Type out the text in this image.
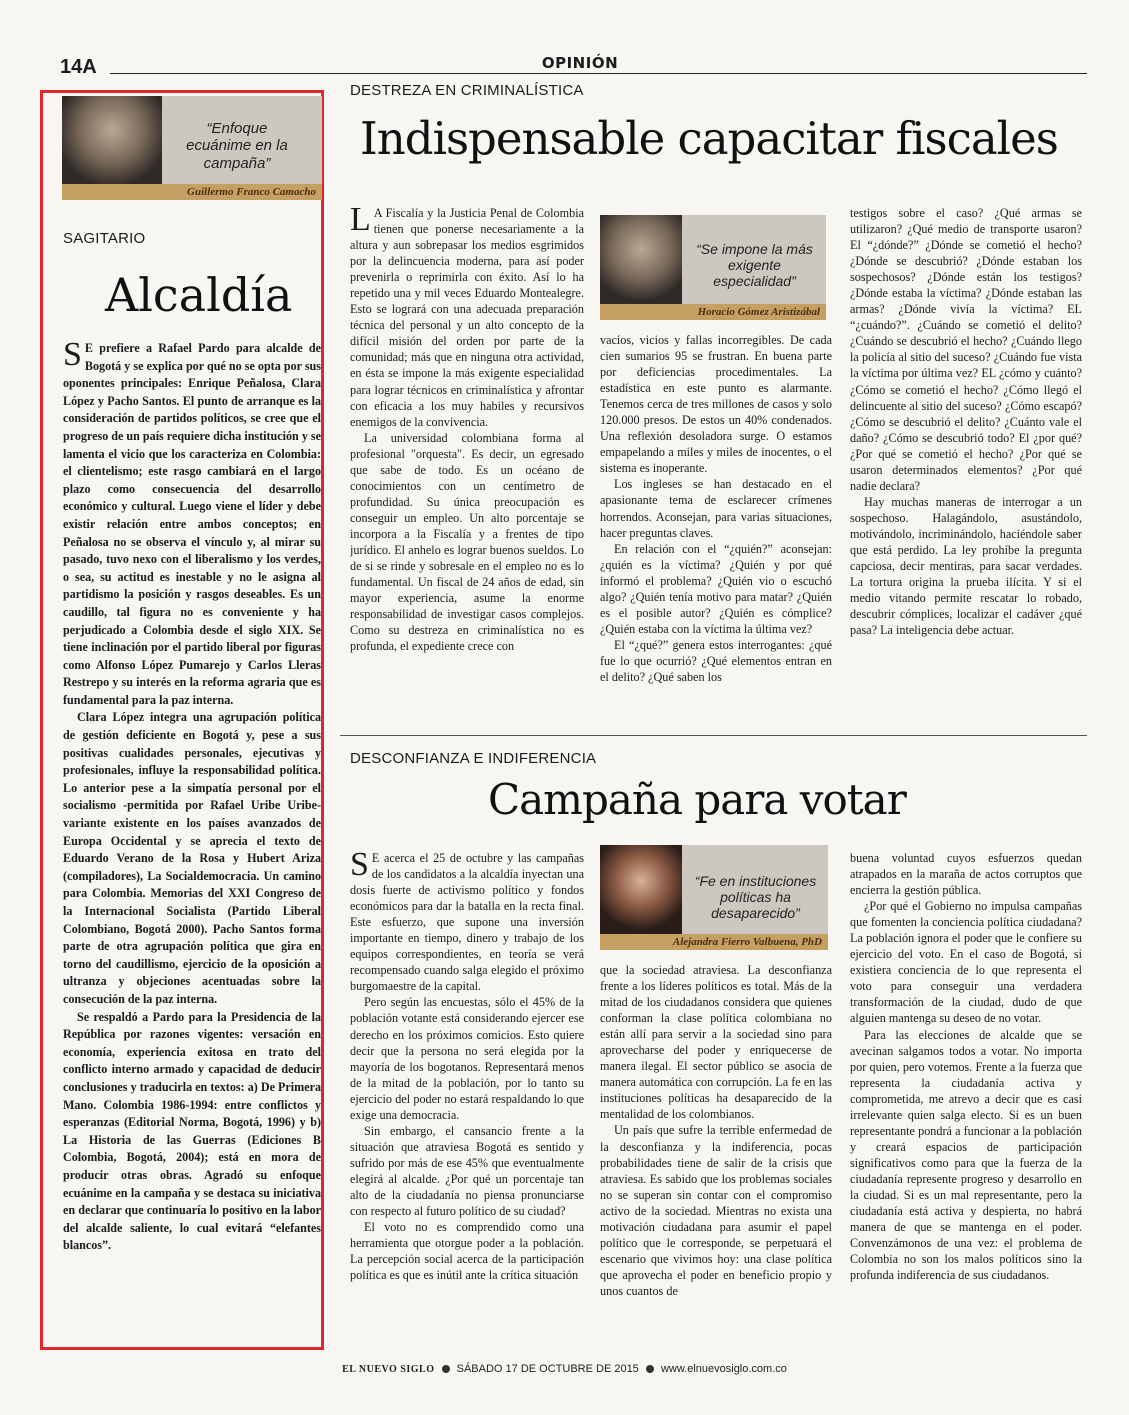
14A	OPINIÓN
“Enfoque ecuánime en la campaña”
Guillermo Franco Camacho
SAGITARIO
Alcaldía

S E prefiere a Rafael Pardo para alcalde de Bogotá y se explica por qué no se opta por sus oponentes principales: Enrique Peñalosa, Clara López y Pacho Santos. El punto de arranque es la consideración de partidos políticos, se cree que el progreso de un país requiere dicha institución y se lamenta el vicio que los caracteriza en Colombia: el clientelismo; este rasgo cambiará en el largo plazo como consecuencia del desarrollo económico y cultural. Luego viene el líder y debe existir relación entre ambos conceptos; en Peñalosa no se observa el vínculo y, al mirar su pasado, tuvo nexo con el liberalismo y los verdes, o sea, su actitud es inestable y no le asigna al partidismo la posición y rasgos deseables. Es un caudillo, tal figura no es conveniente y ha perjudicado a Colombia desde el siglo XIX. Se tiene inclinación por el partido liberal por figuras como Alfonso López Pumarejo y Carlos Lleras Restrepo y su interés en la reforma agraria que es fundamental para la paz interna.

Clara López integra una agrupación política de gestión deficiente en Bogotá y, pese a sus positivas cualidades personales, ejecutivas y profesionales, influye la responsabilidad política. Lo anterior pese a la simpatía personal por el socialismo -permitida por Rafael Uribe Uribe- variante existente en los países avanzados de Europa Occidental y se aprecia el texto de Eduardo Verano de la Rosa y Hubert Ariza (compiladores), La Socialdemocracia. Un camino para Colombia. Memorias del XXI Congreso de la Internacional Socialista (Partido Liberal Colombiano, Bogotá 2000). Pacho Santos forma parte de otra agrupación política que gira en torno del caudillismo, ejercicio de la oposición a ultranza y objeciones acentuadas sobre la consecución de la paz interna.

Se respaldó a Pardo para la Presidencia de la República por razones vigentes: versación en economía, experiencia exitosa en trato del conflicto interno armado y capacidad de deducir conclusiones y traducirla en textos: a) De Primera Mano. Colombia 1986-1994: entre conflictos y esperanzas (Editorial Norma, Bogotá, 1996) y b) La Historia de las Guerras (Ediciones B Colombia, Bogotá, 2004); está en mora de producir otras obras. Agradó su enfoque ecuánime en la campaña y se destaca su iniciativa en declarar que continuaría lo positivo en la labor del alcalde saliente, lo cual evitará “elefantes blancos”.

DESTREZA EN CRIMINALÍSTICA
Indispensable capacitar fiscales

L A Fiscalía y la Justicia Penal de Colombia tienen que ponerse necesariamente a la altura y aun sobrepasar los medios esgrimidos por la delincuencia moderna, para así poder prevenirla o reprimirla con éxito. Así lo ha repetido una y mil veces Eduardo Montealegre. Esto se logrará con una adecuada preparación técnica del personal y un alto concepto de la difícil misión del orden por parte de la comunidad; más que en ninguna otra actividad, en ésta se impone la más exigente especialidad para lograr técnicos en criminalística y afrontar con eficacia a los muy habiles y recursivos enemigos de la convivencia.

La universidad colombiana forma al profesional "orquesta". Es decir, un egresado que sabe de todo. Es un océano de conocimientos con un centímetro de profundidad. Su única preocupación es conseguir un empleo. Un alto porcentaje se incorpora a la Fiscalía y a frentes de tipo jurídico. El anhelo es lograr buenos sueldos. Lo de si se rinde y sobresale en el empleo no es lo fundamental. Un fiscal de 24 años de edad, sin mayor experiencia, asume la enorme responsabilidad de investigar casos complejos. Como su destreza en criminalística no es profunda, el expediente crece con

“Se impone la más exigente especialidad”
Horacio Gómez Aristizábal

vacíos, vicios y fallas incorregibles. De cada cien sumarios 95 se frustran. En buena parte por deficiencias procedimentales. La estadística en este punto es alarmante. Tenemos cerca de tres millones de casos y solo 120.000 presos. De estos un 40% condenados. Una reflexión desoladora surge. O estamos empapelando a miles y miles de inocentes, o el sistema es inoperante.

Los ingleses se han destacado en el apasionante tema de esclarecer crímenes horrendos. Aconsejan, para varias situaciones, hacer preguntas claves.

En relación con el “¿quién?” aconsejan: ¿quién es la víctima? ¿Quién y por qué informó el problema? ¿Quién vio o escuchó algo? ¿Quién tenía motivo para matar? ¿Quién es el posible autor? ¿Quién es cómplice? ¿Quién estaba con la víctima la última vez?

El “¿qué?” genera estos interrogantes: ¿qué fue lo que ocurrió? ¿Qué elementos entran en el delito? ¿Qué saben los

testigos sobre el caso? ¿Qué armas se utilizaron? ¿Qué medio de transporte usaron? El “¿dónde?” ¿Dónde se cometió el hecho? ¿Dónde se descubrió? ¿Dónde estaban los sospechosos? ¿Dónde están los testigos? ¿Dónde estaba la víctima? ¿Dónde estaban las armas? ¿Dónde vivía la víctima? EL “¿cuándo?”. ¿Cuándo se cometió el delito? ¿Cuándo se descubrió el hecho? ¿Cuándo llego la policía al sitio del suceso? ¿Cuándo fue vista la víctima por última vez? EL ¿cómo y cuánto? ¿Cómo se cometió el hecho? ¿Cómo llegó el delincuente al sitio del suceso? ¿Cómo escapó? ¿Cómo se descubrió el delito? ¿Cuánto vale el daño? ¿Cómo se descubrió todo? El ¿por qué? ¿Por qué se cometió el hecho? ¿Por qué se usaron determinados elementos? ¿Por qué nadie declara?

Hay muchas maneras de interrogar a un sospechoso. Halagándolo, asustándolo, motivándolo, incriminándolo, haciéndole saber que está perdido. La ley prohíbe la pregunta capciosa, decir mentiras, para sacar verdades. La tortura origina la prueba ilícita. Y si el medio vitando permite rescatar lo robado, descubrir cómplices, localizar el cadáver ¿qué pasa? La inteligencia debe actuar.

DESCONFIANZA E INDIFERENCIA
Campaña para votar

S E acerca el 25 de octubre y las campañas de los candidatos a la alcaldía inyectan una dosis fuerte de activismo político y fondos económicos para dar la batalla en la recta final. Este esfuerzo, que supone una inversión importante en tiempo, dinero y trabajo de los equipos correspondientes, en teoría se verá recompensado cuando salga elegido el próximo burgomaestre de la capital.

Pero según las encuestas, sólo el 45% de la población votante está considerando ejercer ese derecho en los próximos comicios. Esto quiere decir que la persona no será elegida por la mayoría de los bogotanos. Representará menos de la mitad de la población, por lo tanto su ejercicio del poder no estará respaldando lo que exige una democracia.

Sin embargo, el cansancio frente a la situación que atraviesa Bogotá es sentido y sufrido por más de ese 45% que eventualmente elegirá al alcalde. ¿Por qué un porcentaje tan alto de la ciudadanía no piensa pronunciarse con respecto al futuro político de su ciudad?

El voto no es comprendido como una herramienta que otorgue poder a la población. La percepción social acerca de la participación política es que es inútil ante la crítica situación

“Fe en instituciones políticas ha desaparecido”
Alejandra Fierro Valbuena, PhD

que la sociedad atraviesa. La desconfianza frente a los líderes políticos es total. Más de la mitad de los ciudadanos considera que quienes conforman la clase política colombiana no están allí para servir a la sociedad sino para aprovecharse del poder y enriquecerse de manera ilegal. El sector público se asocia de manera automática con corrupción. La fe en las instituciones políticas ha desaparecido de la mentalidad de los colombianos.

Un país que sufre la terrible enfermedad de la desconfianza y la indiferencia, pocas probabilidades tiene de salir de la crisis que atraviesa. Es sabido que los problemas sociales no se superan sin contar con el compromiso activo de la sociedad. Mientras no exista una motivación ciudadana para asumir el papel político que le corresponde, se perpetuará el escenario que vivimos hoy: una clase política que aprovecha el poder en beneficio propio y unos cuantos de

buena voluntad cuyos esfuerzos quedan atrapados en la maraña de actos corruptos que encierra la gestión pública.

¿Por qué el Gobierno no impulsa campañas que fomenten la conciencia política ciudadana? La población ignora el poder que le confiere su ejercicio del voto. En el caso de Bogotá, si existiera conciencia de lo que representa el voto para conseguir una verdadera transformación de la ciudad, dudo de que alguien mantenga su deseo de no votar.

Para las elecciones de alcalde que se avecinan salgamos todos a votar. No importa por quien, pero votemos. Frente a la fuerza que representa la ciudadanía activa y comprometida, me atrevo a decir que es casi irrelevante quien salga electo. Si es un buen representante pondrá a funcionar a la población y creará espacios de participación significativos como para que la fuerza de la ciudadanía represente progreso y desarrollo en la ciudad. Si es un mal representante, pero la ciudadanía está activa y despierta, no habrá manera de que se mantenga en el poder. Convenzámonos de una vez: el problema de Colombia no son los malos políticos sino la profunda indiferencia de sus ciudadanos.

EL NUEVO SIGLO SÁBADO 17 DE OCTUBRE DE 2015 www.elnuevosiglo.com.co
